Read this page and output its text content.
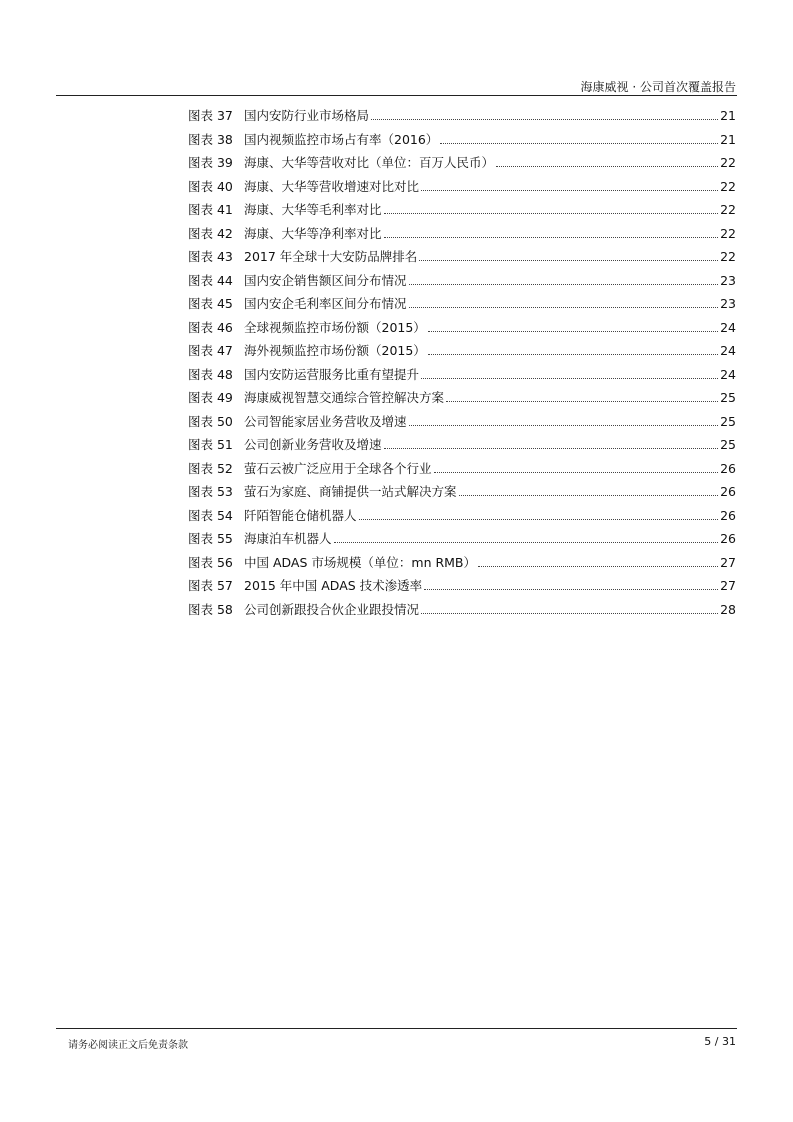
海康威视 · 公司首次覆盖报告
图表 37 国内安防行业市场格局	21
图表 38 国内视频监控市场占有率（2016）	21
图表 39 海康、大华等营收对比（单位：百万人民币）	22
图表 40 海康、大华等营收增速对比对比	22
图表 41 海康、大华等毛利率对比	22
图表 42 海康、大华等净利率对比	22
图表 43 2017 年全球十大安防品牌排名	22
图表 44 国内安企销售额区间分布情况	23
图表 45 国内安企毛利率区间分布情况	23
图表 46 全球视频监控市场份额（2015）	24
图表 47 海外视频监控市场份额（2015）	24
图表 48 国内安防运营服务比重有望提升	24
图表 49 海康威视智慧交通综合管控解决方案	25
图表 50 公司智能家居业务营收及增速	25
图表 51 公司创新业务营收及增速	25
图表 52 萤石云被广泛应用于全球各个行业	26
图表 53 萤石为家庭、商铺提供一站式解决方案	26
图表 54 阡陌智能仓储机器人	26
图表 55 海康泊车机器人	26
图表 56 中国 ADAS 市场规模（单位：mn RMB）	27
图表 57 2015 年中国 ADAS 技术渗透率	27
图表 58 公司创新跟投合伙企业跟投情况	28
请务必阅读正文后免责条款	5 / 31
